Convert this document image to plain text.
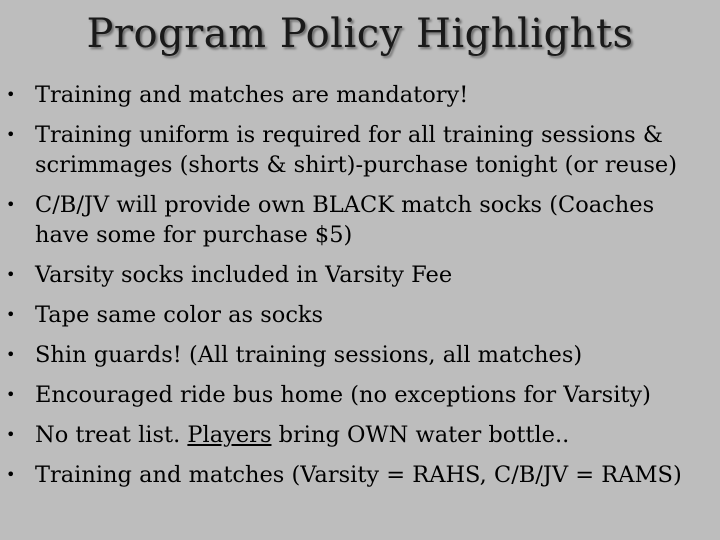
Program Policy Highlights
• Training and matches are mandatory!
• Training uniform is required for all training sessions &
scrimmages (shorts & shirt)-purchase tonight (or reuse)
• C/B/JV will provide own BLACK match socks (Coaches
have some for purchase $5)
• Varsity socks included in Varsity Fee
• Tape same color as socks
• Shin guards! (All training sessions, all matches)
• Encouraged ride bus home (no exceptions for Varsity)
• No treat list. Players bring OWN water bottle..
• Training and matches (Varsity = RAHS, C/B/JV = RAMS)
